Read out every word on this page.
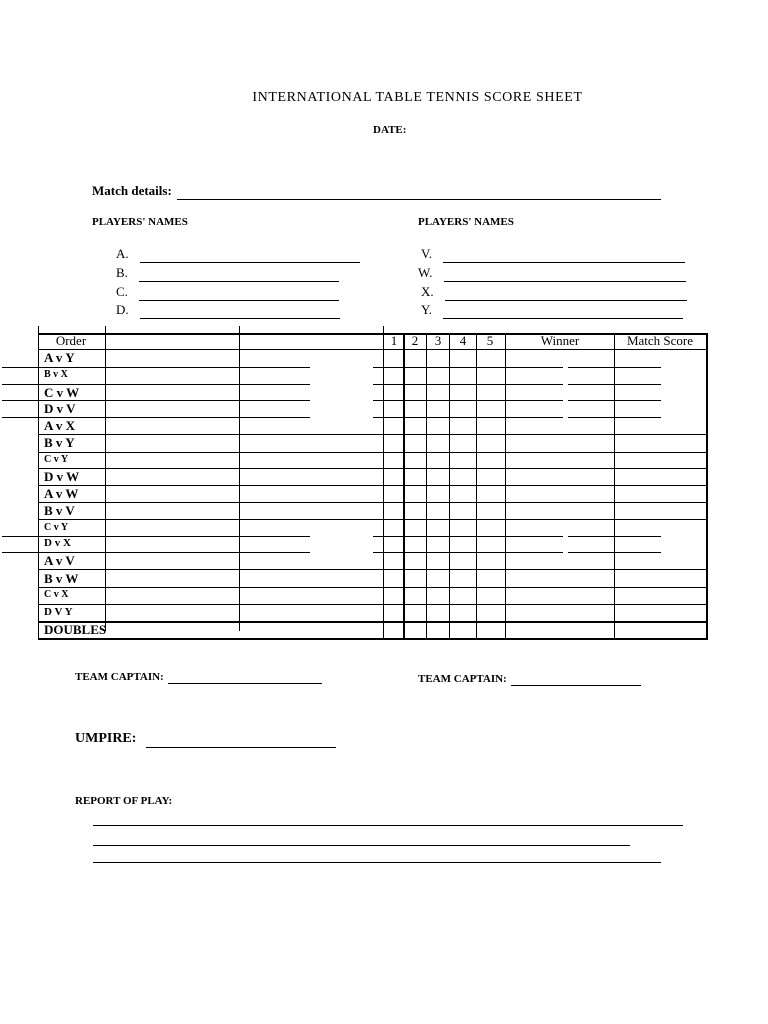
INTERNATIONAL TABLE TENNIS SCORE SHEET
DATE:
Match details:
PLAYERS' NAMES	PLAYERS' NAMES
A.
B.
C.
D.
V.
W.
X.
Y.
Order	1	2	3	4	5	Winner	Match Score
A v Y
B v X
C v W
D v V
A v X
B v Y
C v Y
D v W
A v W
B v V
C v Y
D v X
A v V
B v W
C v X
D V Y
DOUBLES
TEAM CAPTAIN:	TEAM CAPTAIN:
UMPIRE:
REPORT OF PLAY:
